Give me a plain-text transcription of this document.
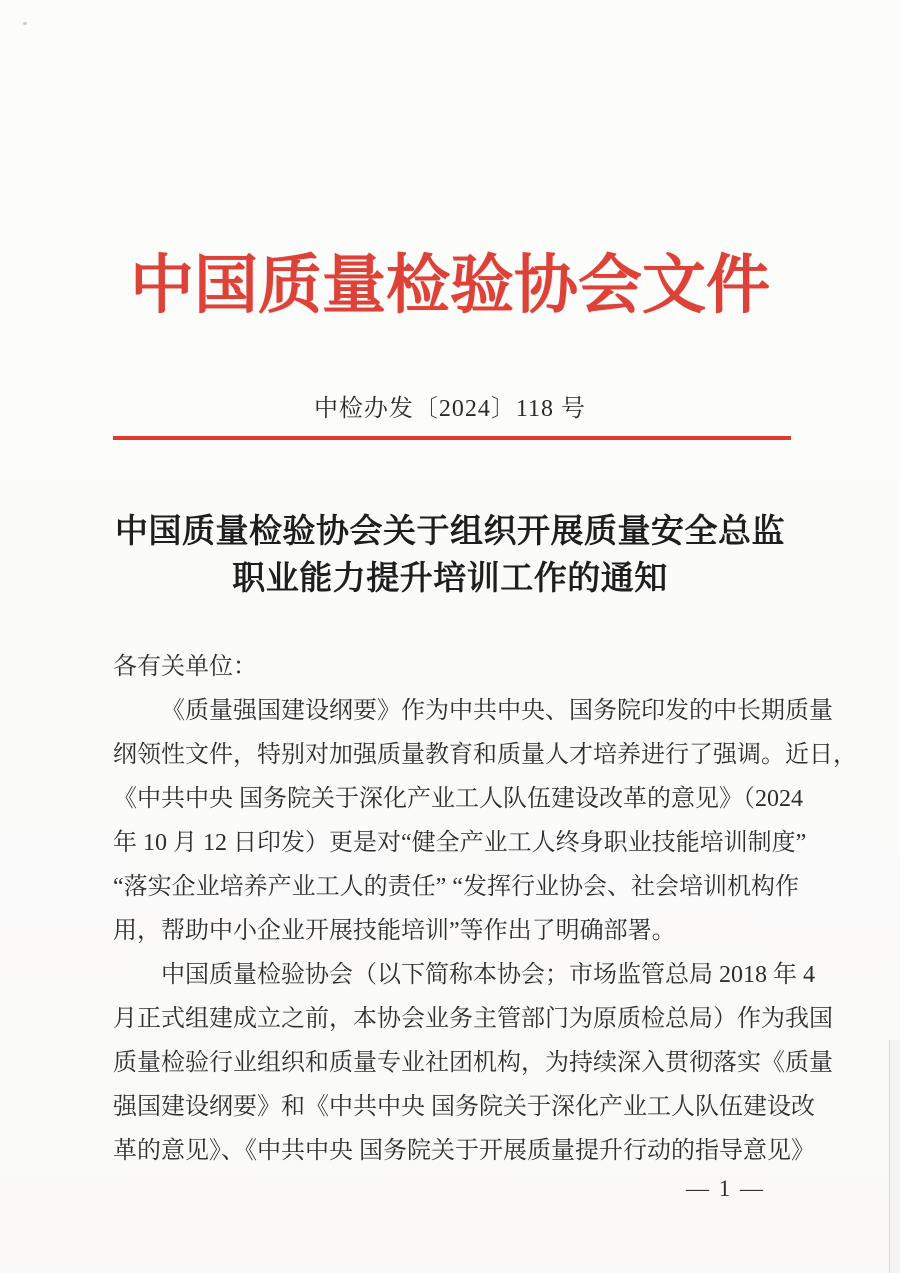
中国质量检验协会文件
中检办发〔2024〕118 号
中国质量检验协会关于组织开展质量安全总监
职业能力提升培训工作的通知
各有关单位：
《质量强国建设纲要》作为中共中央、国务院印发的中长期质量
纲领性文件，特别对加强质量教育和质量人才培养进行了强调。近日，
《中共中央 国务院关于深化产业工人队伍建设改革的意见》（2024
年 10 月 12 日印发）更是对“健全产业工人终身职业技能培训制度”
“落实企业培养产业工人的责任” “发挥行业协会、社会培训机构作
用，帮助中小企业开展技能培训”等作出了明确部署。
中国质量检验协会（以下简称本协会；市场监管总局 2018 年 4
月正式组建成立之前，本协会业务主管部门为原质检总局）作为我国
质量检验行业组织和质量专业社团机构，为持续深入贯彻落实《质量
强国建设纲要》和《中共中央 国务院关于深化产业工人队伍建设改
革的意见》、《中共中央 国务院关于开展质量提升行动的指导意见》
— 1 —
